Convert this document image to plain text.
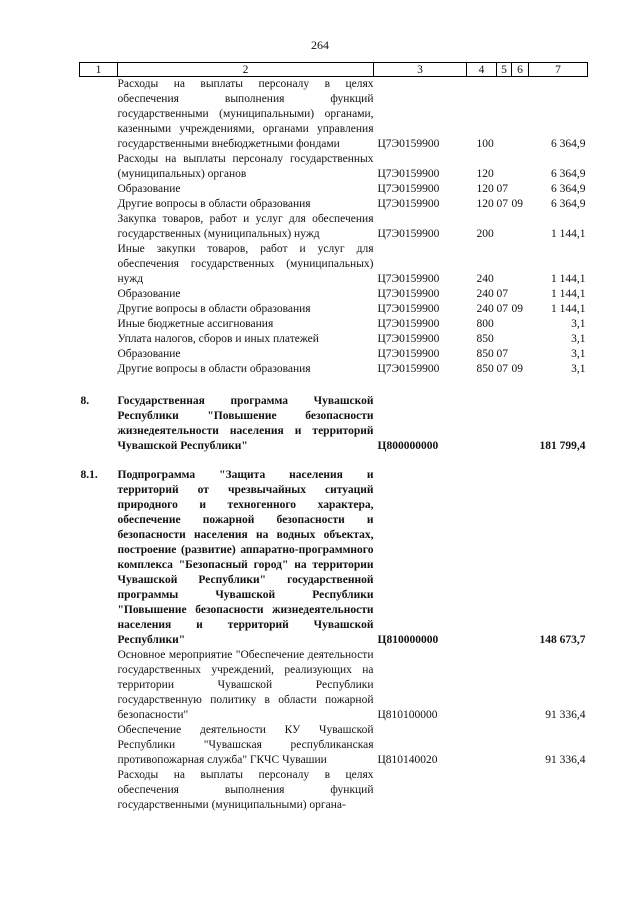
264
1	2	3	4	5	6	7
	Расходы на выплаты персоналу в целях обеспечения выполнения функций государственными (муниципальными) органами, казенными учреждениями, органами управления государственными внебюджетными фондами	Ц7Э0159900	100			6 364,9
	Расходы на выплаты персоналу государственных (муниципальных) органов	Ц7Э0159900	120			6 364,9
	Образование	Ц7Э0159900	120	07		6 364,9
	Другие вопросы в области образования	Ц7Э0159900	120	07	09	6 364,9
	Закупка товаров, работ и услуг для обеспечения государственных (муниципальных) нужд	Ц7Э0159900	200			1 144,1
	Иные закупки товаров, работ и услуг для обеспечения государственных (муниципальных) нужд	Ц7Э0159900	240			1 144,1
	Образование	Ц7Э0159900	240	07		1 144,1
	Другие вопросы в области образования	Ц7Э0159900	240	07	09	1 144,1
	Иные бюджетные ассигнования	Ц7Э0159900	800			3,1
	Уплата налогов, сборов и иных платежей	Ц7Э0159900	850			3,1
	Образование	Ц7Э0159900	850	07		3,1
	Другие вопросы в области образования	Ц7Э0159900	850	07	09	3,1

8.	Государственная программа Чувашской Республики "Повышение безопасности жизнедеятельности населения и территорий Чувашской Республики"	Ц800000000				181 799,4

8.1.	Подпрограмма "Защита населения и территорий от чрезвычайных ситуаций природного и техногенного характера, обеспечение пожарной безопасности и безопасности населения на водных объектах, построение (развитие) аппаратно-программного комплекса "Безопасный город" на территории Чувашской Республики" государственной программы Чувашской Республики "Повышение безопасности жизнедеятельности населения и территорий Чувашской Республики"	Ц810000000				148 673,7
	Основное мероприятие "Обеспечение деятельности государственных учреждений, реализующих на территории Чувашской Республики государственную политику в области пожарной безопасности"	Ц810100000				91 336,4
	Обеспечение деятельности КУ Чувашской Республики "Чувашская республиканская противопожарная служба" ГКЧС Чувашии	Ц810140020				91 336,4
	Расходы на выплаты персоналу в целях обеспечения выполнения функций государственными (муниципальными) органа-					
